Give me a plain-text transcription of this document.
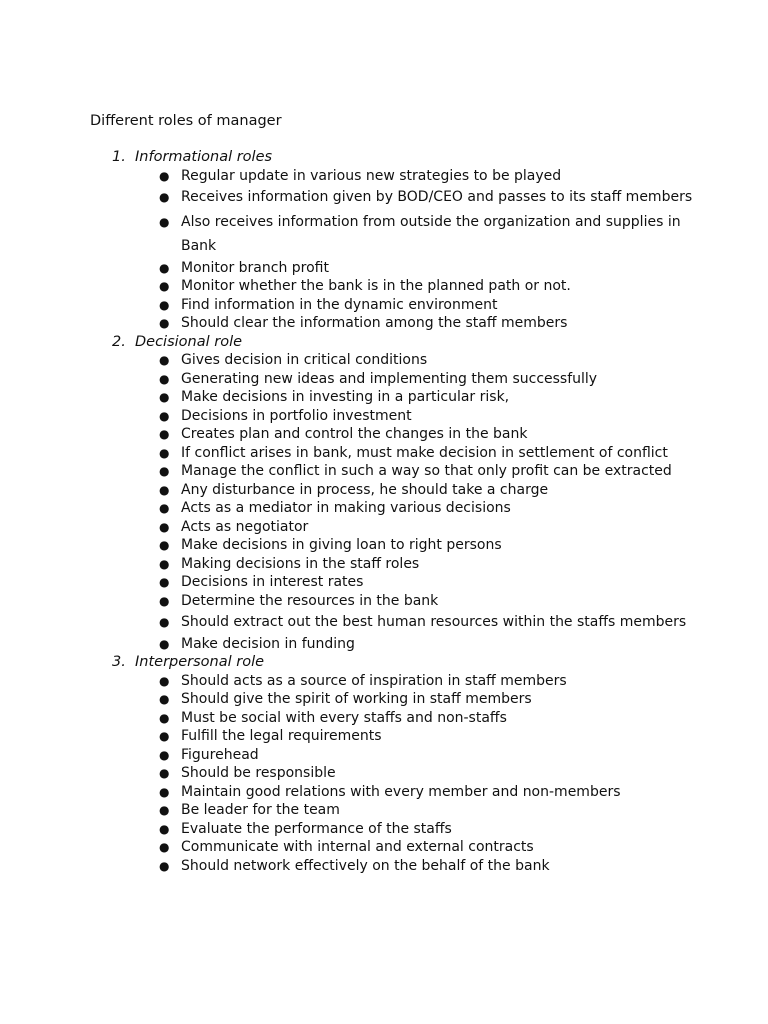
Different roles of manager
1. Informational roles
● Regular update in various new strategies to be played
● Receives information given by BOD/CEO and passes to its staff members
● Also receives information from outside the organization and supplies in Bank
● Monitor branch profit
● Monitor whether the bank is in the planned path or not.
● Find information in the dynamic environment
● Should clear the information among the staff members
2. Decisional role
● Gives decision in critical conditions
● Generating new ideas and implementing them successfully
● Make decisions in investing in a particular risk,
● Decisions in portfolio investment
● Creates plan and control the changes in the bank
● If conflict arises in bank, must make decision in settlement of conflict
● Manage the conflict in such a way so that only profit can be extracted
● Any disturbance in process, he should take a charge
● Acts as a mediator in making various decisions
● Acts as negotiator
● Make decisions in giving loan to right persons
● Making decisions in the staff roles
● Decisions in interest rates
● Determine the resources in the bank
● Should extract out the best human resources within the staffs members
● Make decision in funding
3. Interpersonal role
● Should acts as a source of inspiration in staff members
● Should give the spirit of working in staff members
● Must be social with every staffs and non-staffs
● Fulfill the legal requirements
● Figurehead
● Should be responsible
● Maintain good relations with every member and non-members
● Be leader for the team
● Evaluate the performance of the staffs
● Communicate with internal and external contracts
● Should network effectively on the behalf of the bank
